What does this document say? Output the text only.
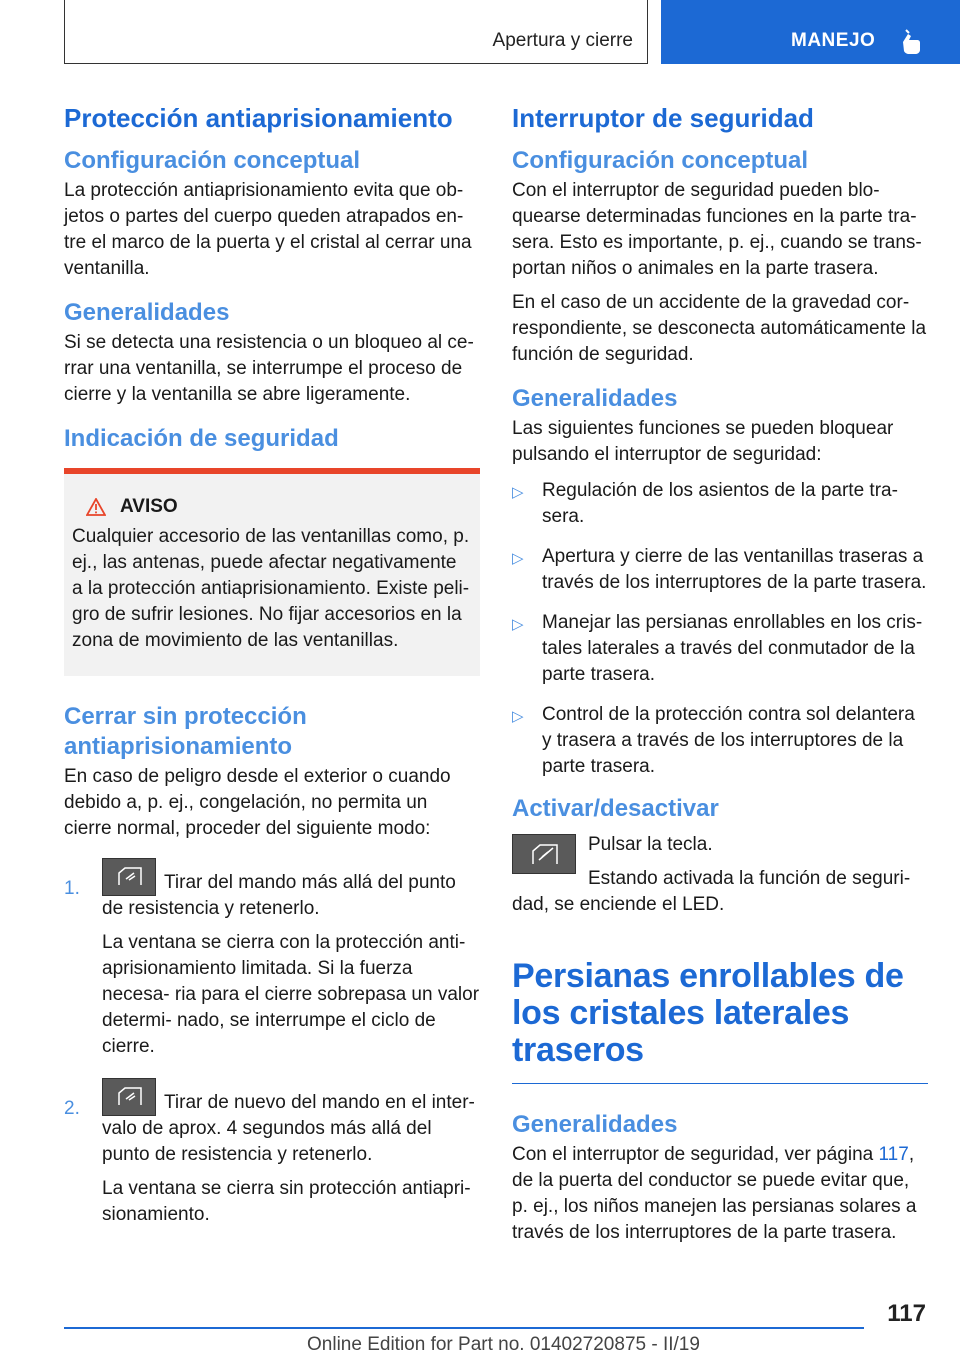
Apertura y cierre	MANEJO
Protección antiaprisionamiento
Configuración conceptual
La protección antiaprisionamiento evita que ob- jetos o partes del cuerpo queden atrapados en- tre el marco de la puerta y el cristal al cerrar una ventanilla.
Generalidades
Si se detecta una resistencia o un bloqueo al ce- rrar una ventanilla, se interrumpe el proceso de cierre y la ventanilla se abre ligeramente.
Indicación de seguridad
AVISO
Cualquier accesorio de las ventanillas como, p. ej., las antenas, puede afectar negativamente a la protección antiaprisionamiento. Existe peli- gro de sufrir lesiones. No fijar accesorios en la zona de movimiento de las ventanillas.
Cerrar sin protección antiaprisionamiento
En caso de peligro desde el exterior o cuando debido a, p. ej., congelación, no permita un cierre normal, proceder del siguiente modo:
1.	Tirar del mando más allá del punto de resistencia y retenerlo.
La ventana se cierra con la protección anti- aprisionamiento limitada. Si la fuerza necesa- ria para el cierre sobrepasa un valor determi- nado, se interrumpe el ciclo de cierre.
2.	Tirar de nuevo del mando en el inter- valo de aprox. 4 segundos más allá del punto de resistencia y retenerlo.
La ventana se cierra sin protección antiapri- sionamiento.
Interruptor de seguridad
Configuración conceptual
Con el interruptor de seguridad pueden blo- quearse determinadas funciones en la parte tra- sera. Esto es importante, p. ej., cuando se trans- portan niños o animales en la parte trasera.
En el caso de un accidente de la gravedad cor- respondiente, se desconecta automáticamente la función de seguridad.
Generalidades
Las siguientes funciones se pueden bloquear pulsando el interruptor de seguridad:
▷ Regulación de los asientos de la parte tra- sera.
▷ Apertura y cierre de las ventanillas traseras a través de los interruptores de la parte trasera.
▷ Manejar las persianas enrollables en los cris- tales laterales a través del conmutador de la parte trasera.
▷ Control de la protección contra sol delantera y trasera a través de los interruptores de la parte trasera.
Activar/desactivar
Pulsar la tecla.
Estando activada la función de seguri- dad, se enciende el LED.
Persianas enrollables de los cristales laterales traseros
Generalidades
Con el interruptor de seguridad, ver página 117, de la puerta del conductor se puede evitar que, p. ej., los niños manejen las persianas solares a través de los interruptores de la parte trasera.
117
Online Edition for Part no. 01402720875 - II/19
